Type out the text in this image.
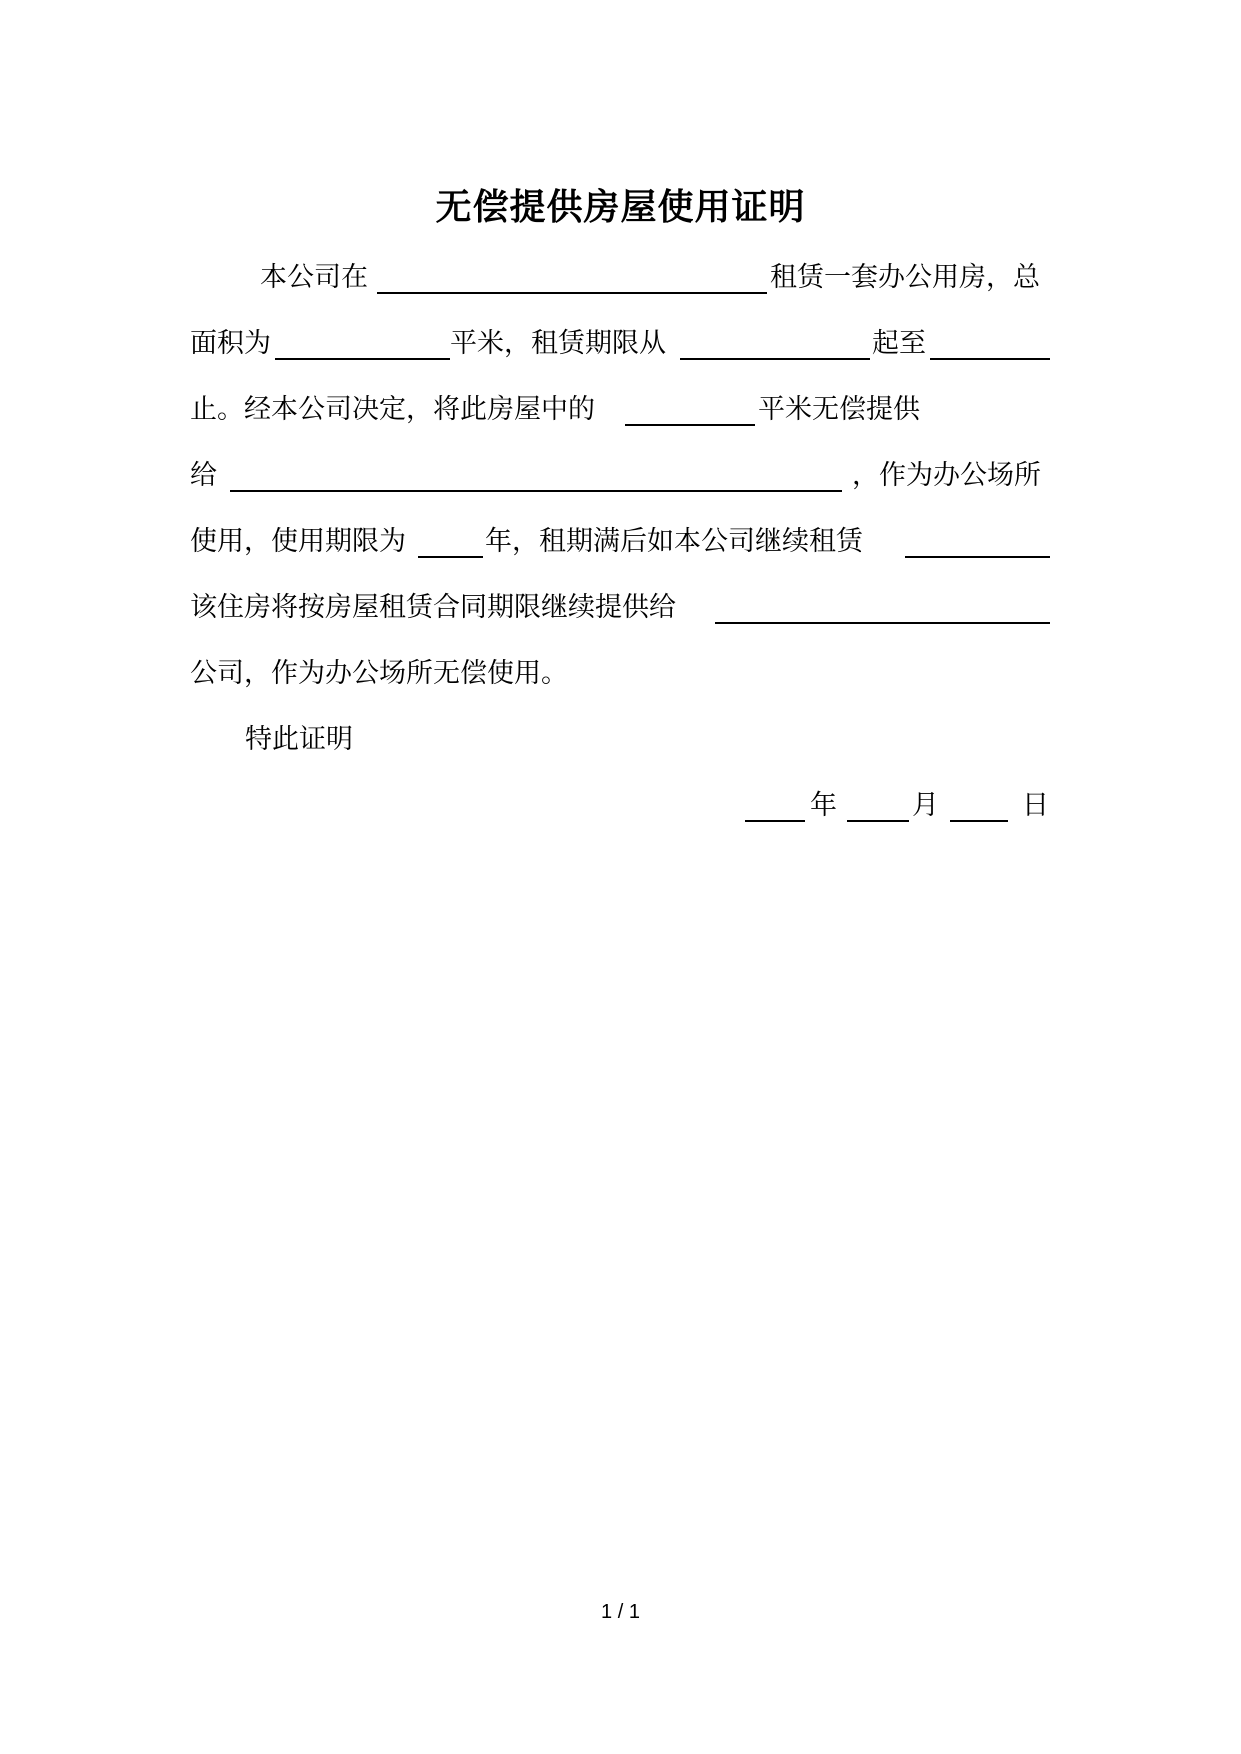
无偿提供房屋使用证明
本公司在	租赁一套办公用房，总
面积为	平米，租赁期限从	起至
止。经本公司决定，将此房屋中的	平米无偿提供
给	，作为办公场所
使用，使用期限为	年，租期满后如本公司继续租赁
该住房将按房屋租赁合同期限继续提供给
公司，作为办公场所无偿使用。
特此证明
年	月	日
1 / 1
